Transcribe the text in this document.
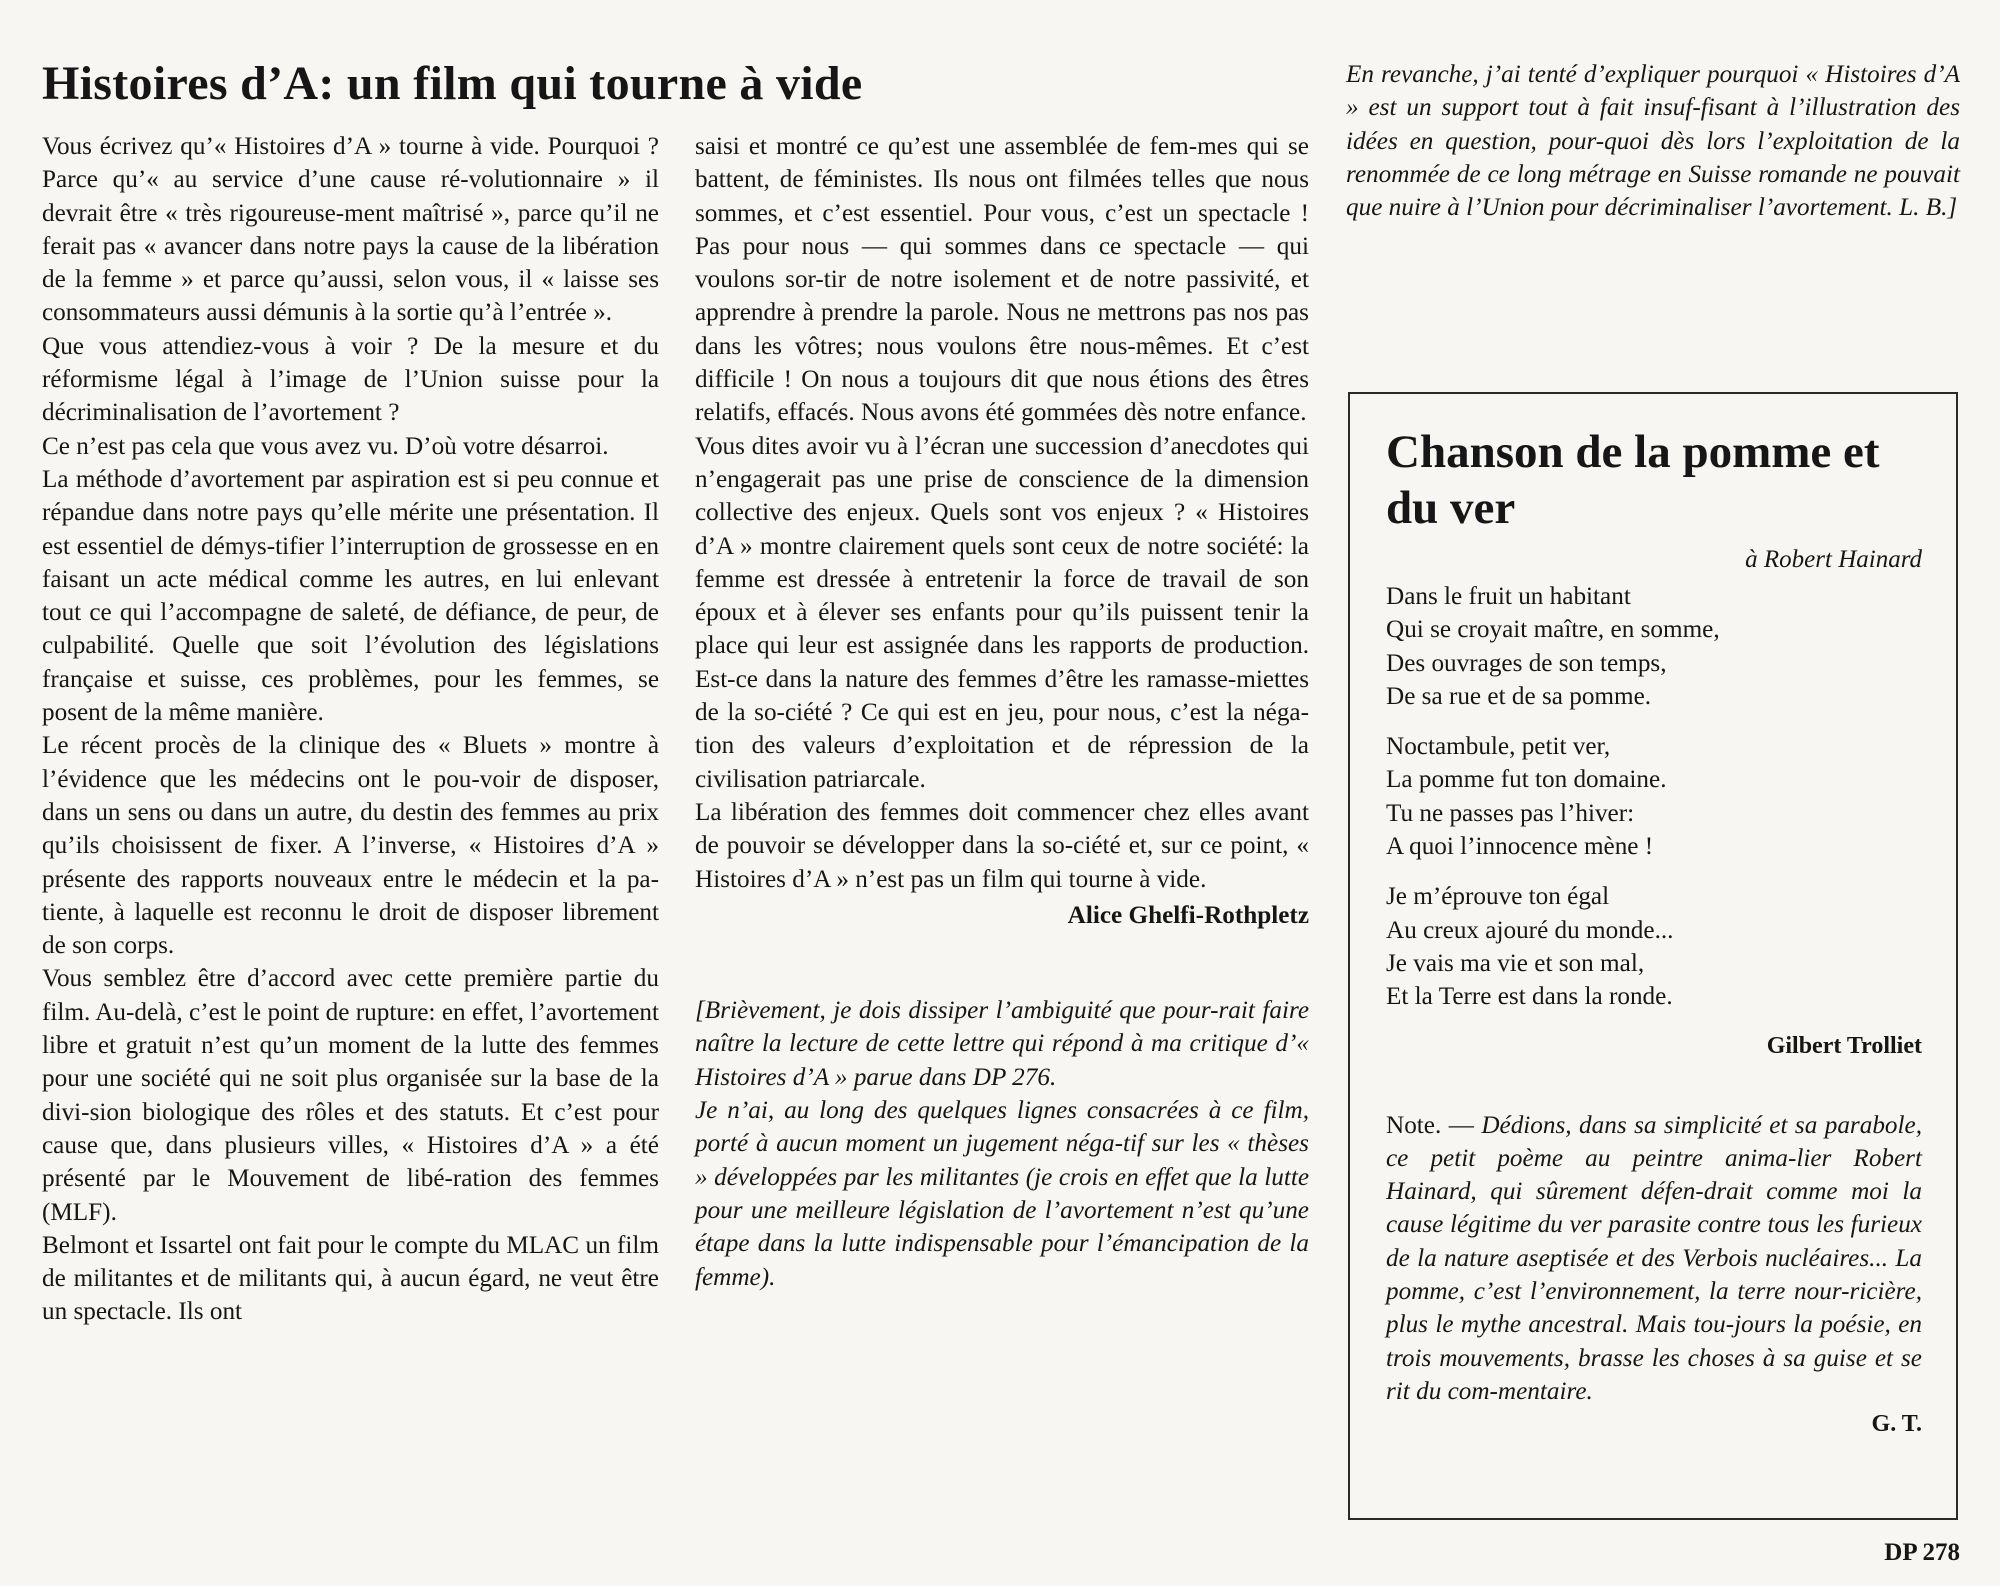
Histoires d’A: un film qui tourne à vide

Vous écrivez qu’« Histoires d’A » tourne à vide. Pourquoi ? Parce qu’« au service d’une cause ré-volutionnaire » il devrait être « très rigoureuse-ment maîtrisé », parce qu’il ne ferait pas « avancer dans notre pays la cause de la libération de la femme » et parce qu’aussi, selon vous, il « laisse ses consommateurs aussi démunis à la sortie qu’à l’entrée ».

Que vous attendiez-vous à voir ? De la mesure et du réformisme légal à l’image de l’Union suisse pour la décriminalisation de l’avortement ?

Ce n’est pas cela que vous avez vu. D’où votre désarroi.

La méthode d’avortement par aspiration est si peu connue et répandue dans notre pays qu’elle mérite une présentation. Il est essentiel de démys-tifier l’interruption de grossesse en en faisant un acte médical comme les autres, en lui enlevant tout ce qui l’accompagne de saleté, de défiance, de peur, de culpabilité. Quelle que soit l’évolution des législations française et suisse, ces problèmes, pour les femmes, se posent de la même manière.

Le récent procès de la clinique des « Bluets » montre à l’évidence que les médecins ont le pou-voir de disposer, dans un sens ou dans un autre, du destin des femmes au prix qu’ils choisissent de fixer. A l’inverse, « Histoires d’A » présente des rapports nouveaux entre le médecin et la pa-tiente, à laquelle est reconnu le droit de disposer librement de son corps.

Vous semblez être d’accord avec cette première partie du film. Au-delà, c’est le point de rupture: en effet, l’avortement libre et gratuit n’est qu’un moment de la lutte des femmes pour une société qui ne soit plus organisée sur la base de la divi-sion biologique des rôles et des statuts. Et c’est pour cause que, dans plusieurs villes, « Histoires d’A » a été présenté par le Mouvement de libé-ration des femmes (MLF).

Belmont et Issartel ont fait pour le compte du MLAC un film de militantes et de militants qui, à aucun égard, ne veut être un spectacle. Ils ont

saisi et montré ce qu’est une assemblée de fem-mes qui se battent, de féministes. Ils nous ont filmées telles que nous sommes, et c’est essentiel. Pour vous, c’est un spectacle ! Pas pour nous — qui sommes dans ce spectacle — qui voulons sor-tir de notre isolement et de notre passivité, et apprendre à prendre la parole. Nous ne mettrons pas nos pas dans les vôtres; nous voulons être nous-mêmes. Et c’est difficile ! On nous a toujours dit que nous étions des êtres relatifs, effacés. Nous avons été gommées dès notre enfance.

Vous dites avoir vu à l’écran une succession d’anecdotes qui n’engagerait pas une prise de conscience de la dimension collective des enjeux. Quels sont vos enjeux ? « Histoires d’A » montre clairement quels sont ceux de notre société: la femme est dressée à entretenir la force de travail de son époux et à élever ses enfants pour qu’ils puissent tenir la place qui leur est assignée dans les rapports de production. Est-ce dans la nature des femmes d’être les ramasse-miettes de la so-ciété ? Ce qui est en jeu, pour nous, c’est la néga-tion des valeurs d’exploitation et de répression de la civilisation patriarcale.

La libération des femmes doit commencer chez elles avant de pouvoir se développer dans la so-ciété et, sur ce point, « Histoires d’A » n’est pas un film qui tourne à vide.

Alice Ghelfi-Rothpletz

[Brièvement, je dois dissiper l’ambiguité que pour-rait faire naître la lecture de cette lettre qui répond à ma critique d’« Histoires d’A » parue dans DP 276.

Je n’ai, au long des quelques lignes consacrées à ce film, porté à aucun moment un jugement néga-tif sur les « thèses » développées par les militantes (je crois en effet que la lutte pour une meilleure législation de l’avortement n’est qu’une étape dans la lutte indispensable pour l’émancipation de la femme).

En revanche, j’ai tenté d’expliquer pourquoi « Histoires d’A » est un support tout à fait insuf-fisant à l’illustration des idées en question, pour-quoi dès lors l’exploitation de la renommée de ce long métrage en Suisse romande ne pouvait que nuire à l’Union pour décriminaliser l’avortement. L. B.]

Chanson de la pomme et du ver

à Robert Hainard

Dans le fruit un habitant
Qui se croyait maître, en somme,
Des ouvrages de son temps,
De sa rue et de sa pomme.
Noctambule, petit ver,
La pomme fut ton domaine.
Tu ne passes pas l’hiver:
A quoi l’innocence mène !
Je m’éprouve ton égal
Au creux ajouré du monde...
Je vais ma vie et son mal,
Et la Terre est dans la ronde.

Gilbert Trolliet

Note. — Dédions, dans sa simplicité et sa parabole, ce petit poème au peintre anima-lier Robert Hainard, qui sûrement défen-drait comme moi la cause légitime du ver parasite contre tous les furieux de la nature aseptisée et des Verbois nucléaires... La pomme, c’est l’environnement, la terre nour-ricière, plus le mythe ancestral. Mais tou-jours la poésie, en trois mouvements, brasse les choses à sa guise et se rit du com-mentaire.
G. T.
DP 278
